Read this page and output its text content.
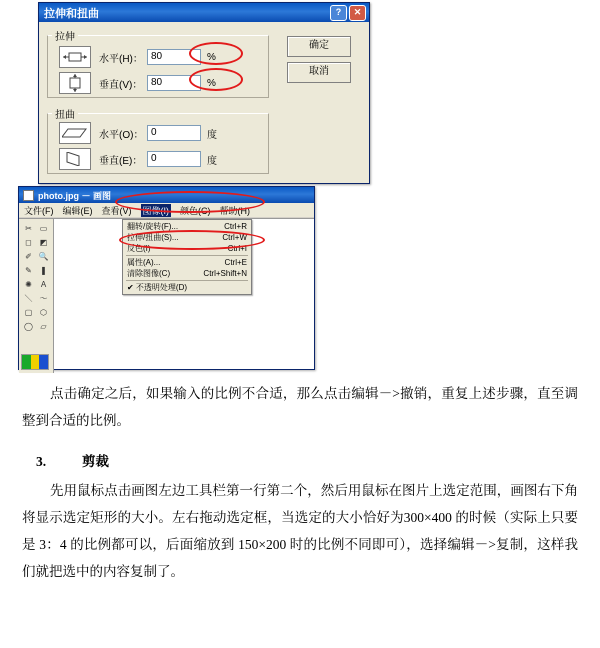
拉伸和扭曲	?	✕
拉伸
水平(H)： 80	%
垂直(V)： 80	%
扭曲
水平(O)： 0	度
垂直(E)： 0	度
确定
取消
photo.jpg － 画图
文件(F) 编辑(E) 查看(V) 图像(I) 颜色(C) 帮助(H)
✂ ▭
◻ ◩
✐ 🔍
✎	❚
✺	A
＼ ～
▢ ⬡
◯ ▱
翻转/旋转(F)...	Ctrl+R
拉伸/扭曲(S)...	Ctrl+W
反色(I)	Ctrl+I
属性(A)...	Ctrl+E
清除图像(C)	Ctrl+Shift+N
✔ 不透明处理(D)

点击确定之后，如果输入的比例不合适，那么点击编辑－>撤销，重复上述步骤，直至调整到合适的比例。

3.	剪裁

先用鼠标点击画图左边工具栏第一行第二个，然后用鼠标在图片上选定范围，画图右下角将显示选定矩形的大小。左右拖动选定框，当选定的大小恰好为300×400 的时候（实际上只要是 3：4 的比例都可以，后面缩放到 150×200 时的比例不同即可），选择编辑－>复制，这样我们就把选中的内容复制了。
